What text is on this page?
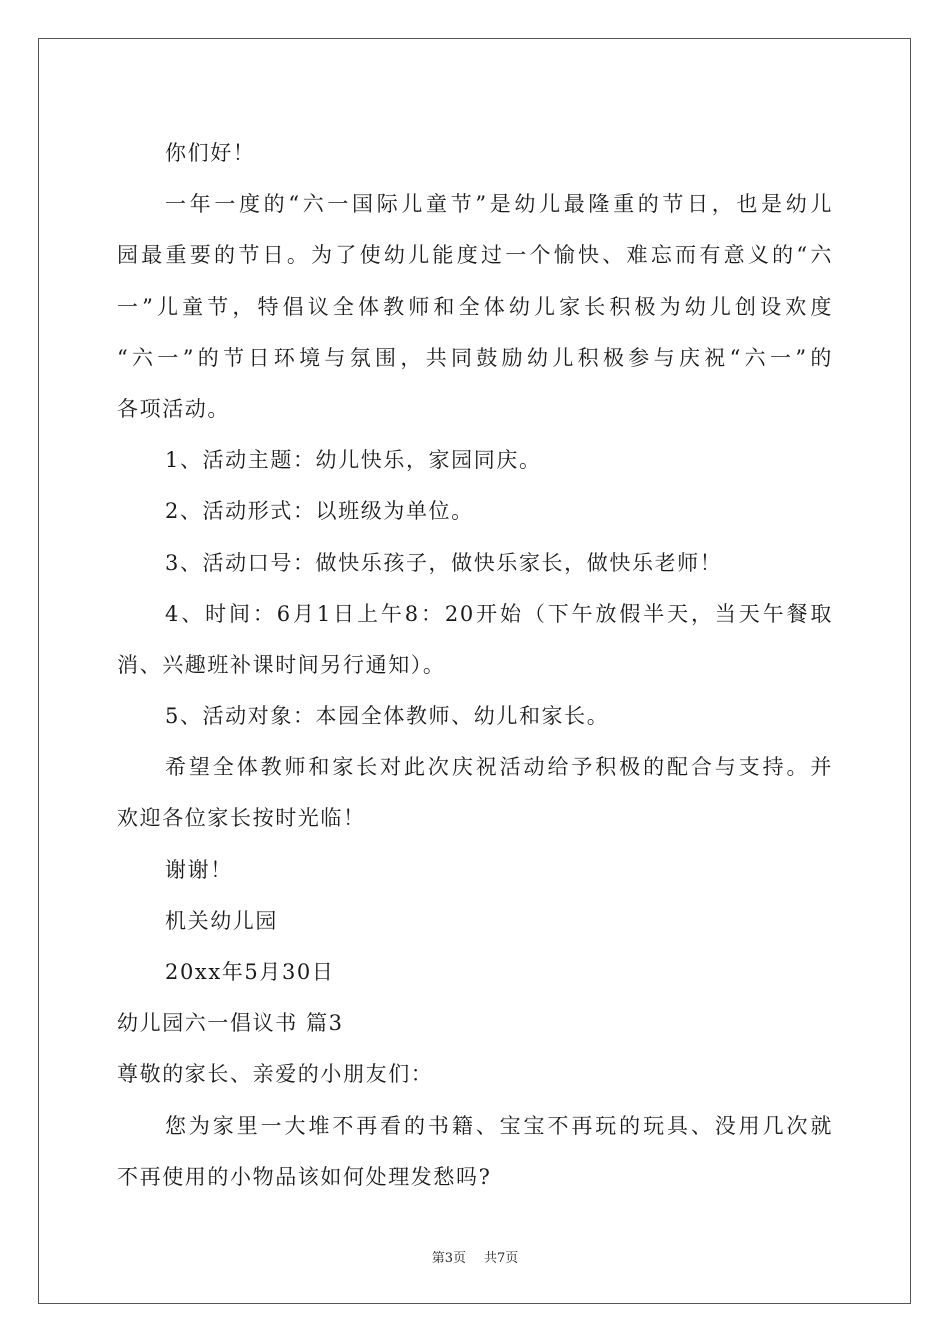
你们好！
一年一度的“六一国际儿童节”是幼儿最隆重的节日，也是幼儿
园最重要的节日。为了使幼儿能度过一个愉快、难忘而有意义的“六
一”儿童节，特倡议全体教师和全体幼儿家长积极为幼儿创设欢度
“六一”的节日环境与氛围，共同鼓励幼儿积极参与庆祝“六一”的
各项活动。
1、活动主题：幼儿快乐，家园同庆。
2、活动形式：以班级为单位。
3、活动口号：做快乐孩子，做快乐家长，做快乐老师！
4、时间：6月1日上午8：20开始（下午放假半天，当天午餐取
消、兴趣班补课时间另行通知）。
5、活动对象：本园全体教师、幼儿和家长。
希望全体教师和家长对此次庆祝活动给予积极的配合与支持。并
欢迎各位家长按时光临！
谢谢！
机关幼儿园
20xx年5月30日
幼儿园六一倡议书 篇3
尊敬的家长、亲爱的小朋友们：
您为家里一大堆不再看的书籍、宝宝不再玩的玩具、没用几次就
不再使用的小物品该如何处理发愁吗?
第3页 共7页
